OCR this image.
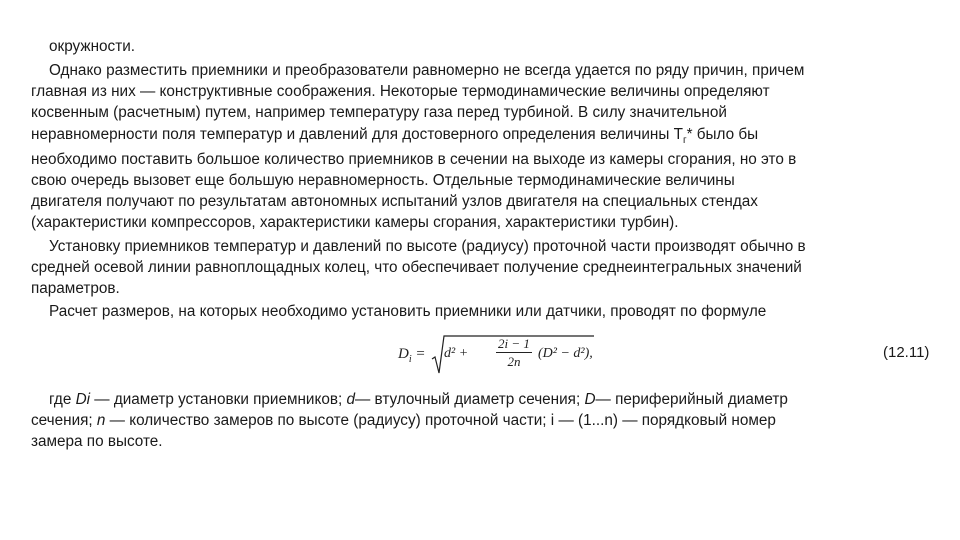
окружности.
Однако разместить приемники и преобразователи равномерно не всегда удается по ряду причин, причем
главная из них — конструктивные соображения. Некоторые термодинамические величины определяют
косвенным (расчетным) путем, например температуру газа перед турбиной. В силу значительной
неравномерности поля температур и давлений для достоверного определения величины $T_г*$ было бы
необходимо поставить большое количество приемников в сечении на выходе из камеры сгорания, но это в
свою очередь вызовет еще большую неравномерность. Отдельные термодинамические величины
двигателя получают по результатам автономных испытаний узлов двигателя на специальных стендах
(характеристики компрессоров, характеристики камеры сгорания, характеристики турбин).
Установку приемников температур и давлений по высоте (радиусу) проточной части производят обычно в
средней осевой линии равноплощадных колец, что обеспечивает получение среднеинтегральных значений
параметров.
Расчет размеров, на которых необходимо установить приемники или датчики, проводят по формуле
$D_i = d^2$ +
2i − 1
2n
(D² − d²),	(12.11)
где Di — диаметр установки приемников; d— втулочный диаметр сечения; D— периферийный диаметр
сечения; n — количество замеров по высоте (радиусу) проточной части; i — (1...n) — порядковый номер
замера по высоте.
